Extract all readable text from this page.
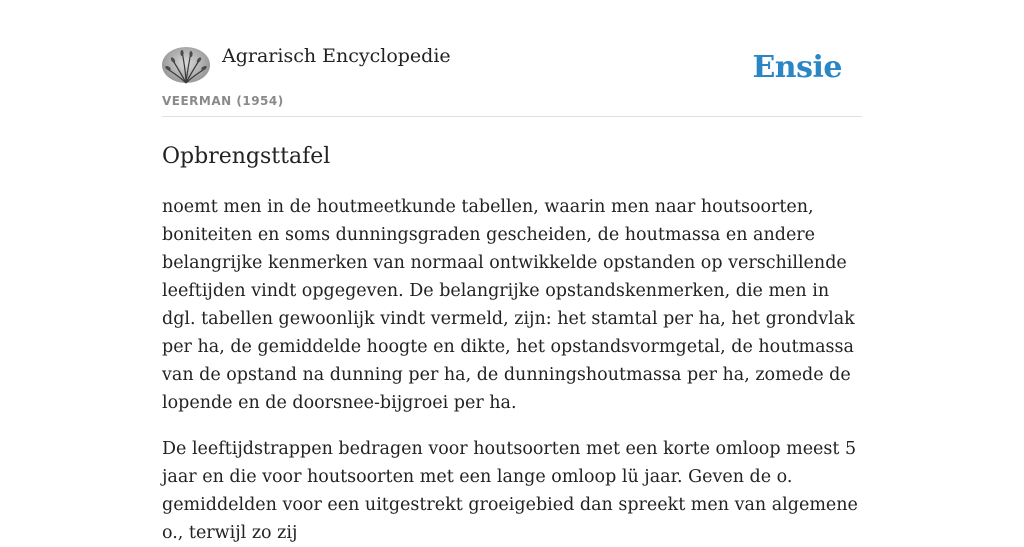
Agrarisch Encyclopedie
VEERMAN (1954)
Ensie
Opbrengsttafel

noemt men in de houtmeetkunde tabellen, waarin men naar houtsoorten, boniteiten en soms dunningsgraden gescheiden, de houtmassa en andere belangrijke kenmerken van normaal ontwikkelde opstanden op verschillende leeftijden vindt opgegeven. De belangrijke opstandskenmerken, die men in dgl. tabellen gewoonlijk vindt vermeld, zijn: het stamtal per ha, het grondvlak per ha, de gemiddelde hoogte en dikte, het opstandsvormgetal, de houtmassa van de opstand na dunning per ha, de dunningshoutmassa per ha, zomede de lopende en de doorsnee-bijgroei per ha.

De leeftijdstrappen bedragen voor houtsoorten met een korte omloop meest 5 jaar en die voor houtsoorten met een lange omloop lü jaar. Geven de o. gemiddelden voor een uitgestrekt groeigebied dan spreekt men van algemene o., terwijl zo zij
